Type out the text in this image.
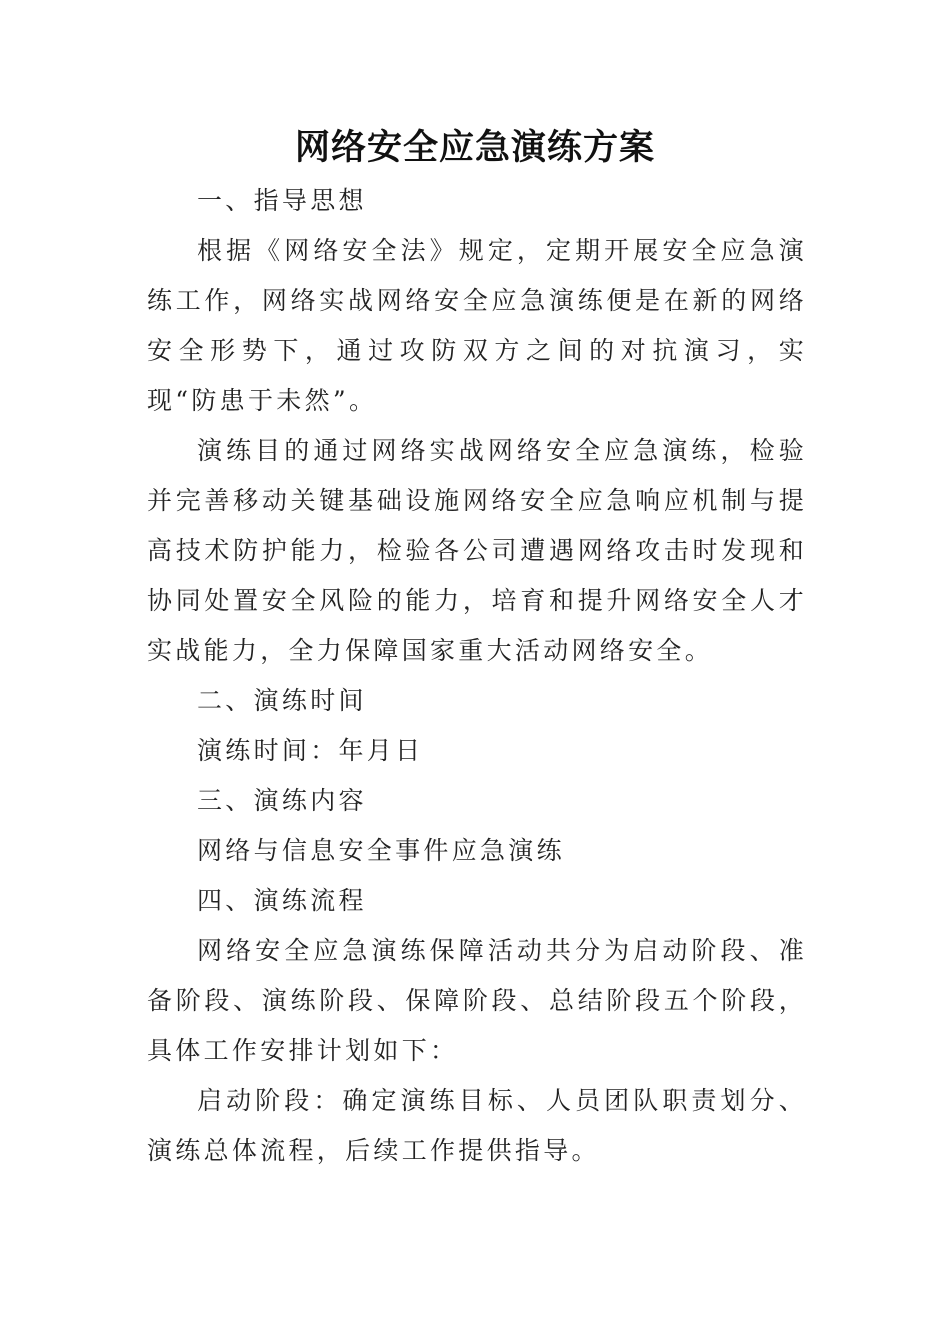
网络安全应急演练方案

一、指导思想

根据《网络安全法》规定，定期开展安全应急演练工作，网络实战网络安全应急演练便是在新的网络安全形势下，通过攻防双方之间的对抗演习，实现“防患于未然”。

演练目的通过网络实战网络安全应急演练，检验并完善移动关键基础设施网络安全应急响应机制与提高技术防护能力，检验各公司遭遇网络攻击时发现和协同处置安全风险的能力，培育和提升网络安全人才实战能力，全力保障国家重大活动网络安全。

二、演练时间

演练时间：年月日

三、演练内容

网络与信息安全事件应急演练

四、演练流程

网络安全应急演练保障活动共分为启动阶段、准备阶段、演练阶段、保障阶段、总结阶段五个阶段，具体工作安排计划如下：

启动阶段：确定演练目标、人员团队职责划分、演练总体流程，后续工作提供指导。
